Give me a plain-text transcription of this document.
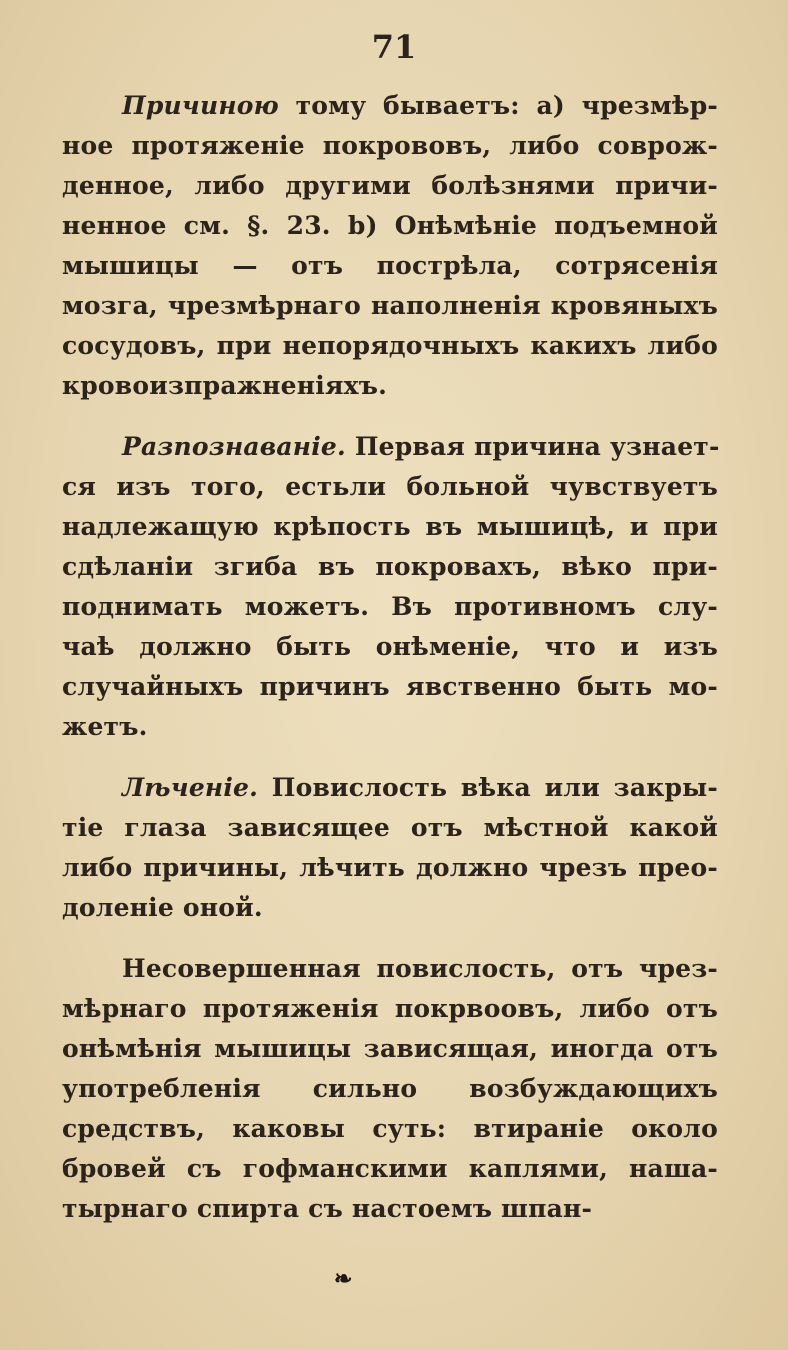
71
Причиною тому бываетъ: а) чрезмѣр-
ное протяженіе покрововъ, либо соврож-
денное, либо другими болѣзнями причи-
ненное см. §. 23. b) Онѣмѣніе подъемной
мышицы — отъ пострѣла, сотрясенія
мозга, чрезмѣрнаго наполненія кровяныхъ
сосудовъ, при непорядочныхъ какихъ либо
кровоизпражненіяхъ.
Разпознаваніе. Первая причина узнает-
ся изъ того, естьли больной чувствуетъ
надлежащую крѣпость въ мышицѣ, и при
сдѣланіи згиба въ покровахъ, вѣко при-
поднимать можетъ. Въ противномъ слу-
чаѣ должно быть онѣменіе, что и изъ
случайныхъ причинъ явственно быть мо-
жетъ.
Лѣченіе. Повислость вѣка или закры-
тіе глаза зависящее отъ мѣстной какой
либо причины, лѣчить должно чрезъ прео-
доленіе оной.
Несовершенная повислость, отъ чрез-
мѣрнаго протяженія покрвоовъ, либо отъ
онѣмѣнія мышицы зависящая, иногда отъ
употребленія сильно возбуждающихъ
средствъ, каковы суть: втираніе около
бровей съ гофманскими каплями, наша-
тырнаго спирта съ настоемъ шпан-
❧
